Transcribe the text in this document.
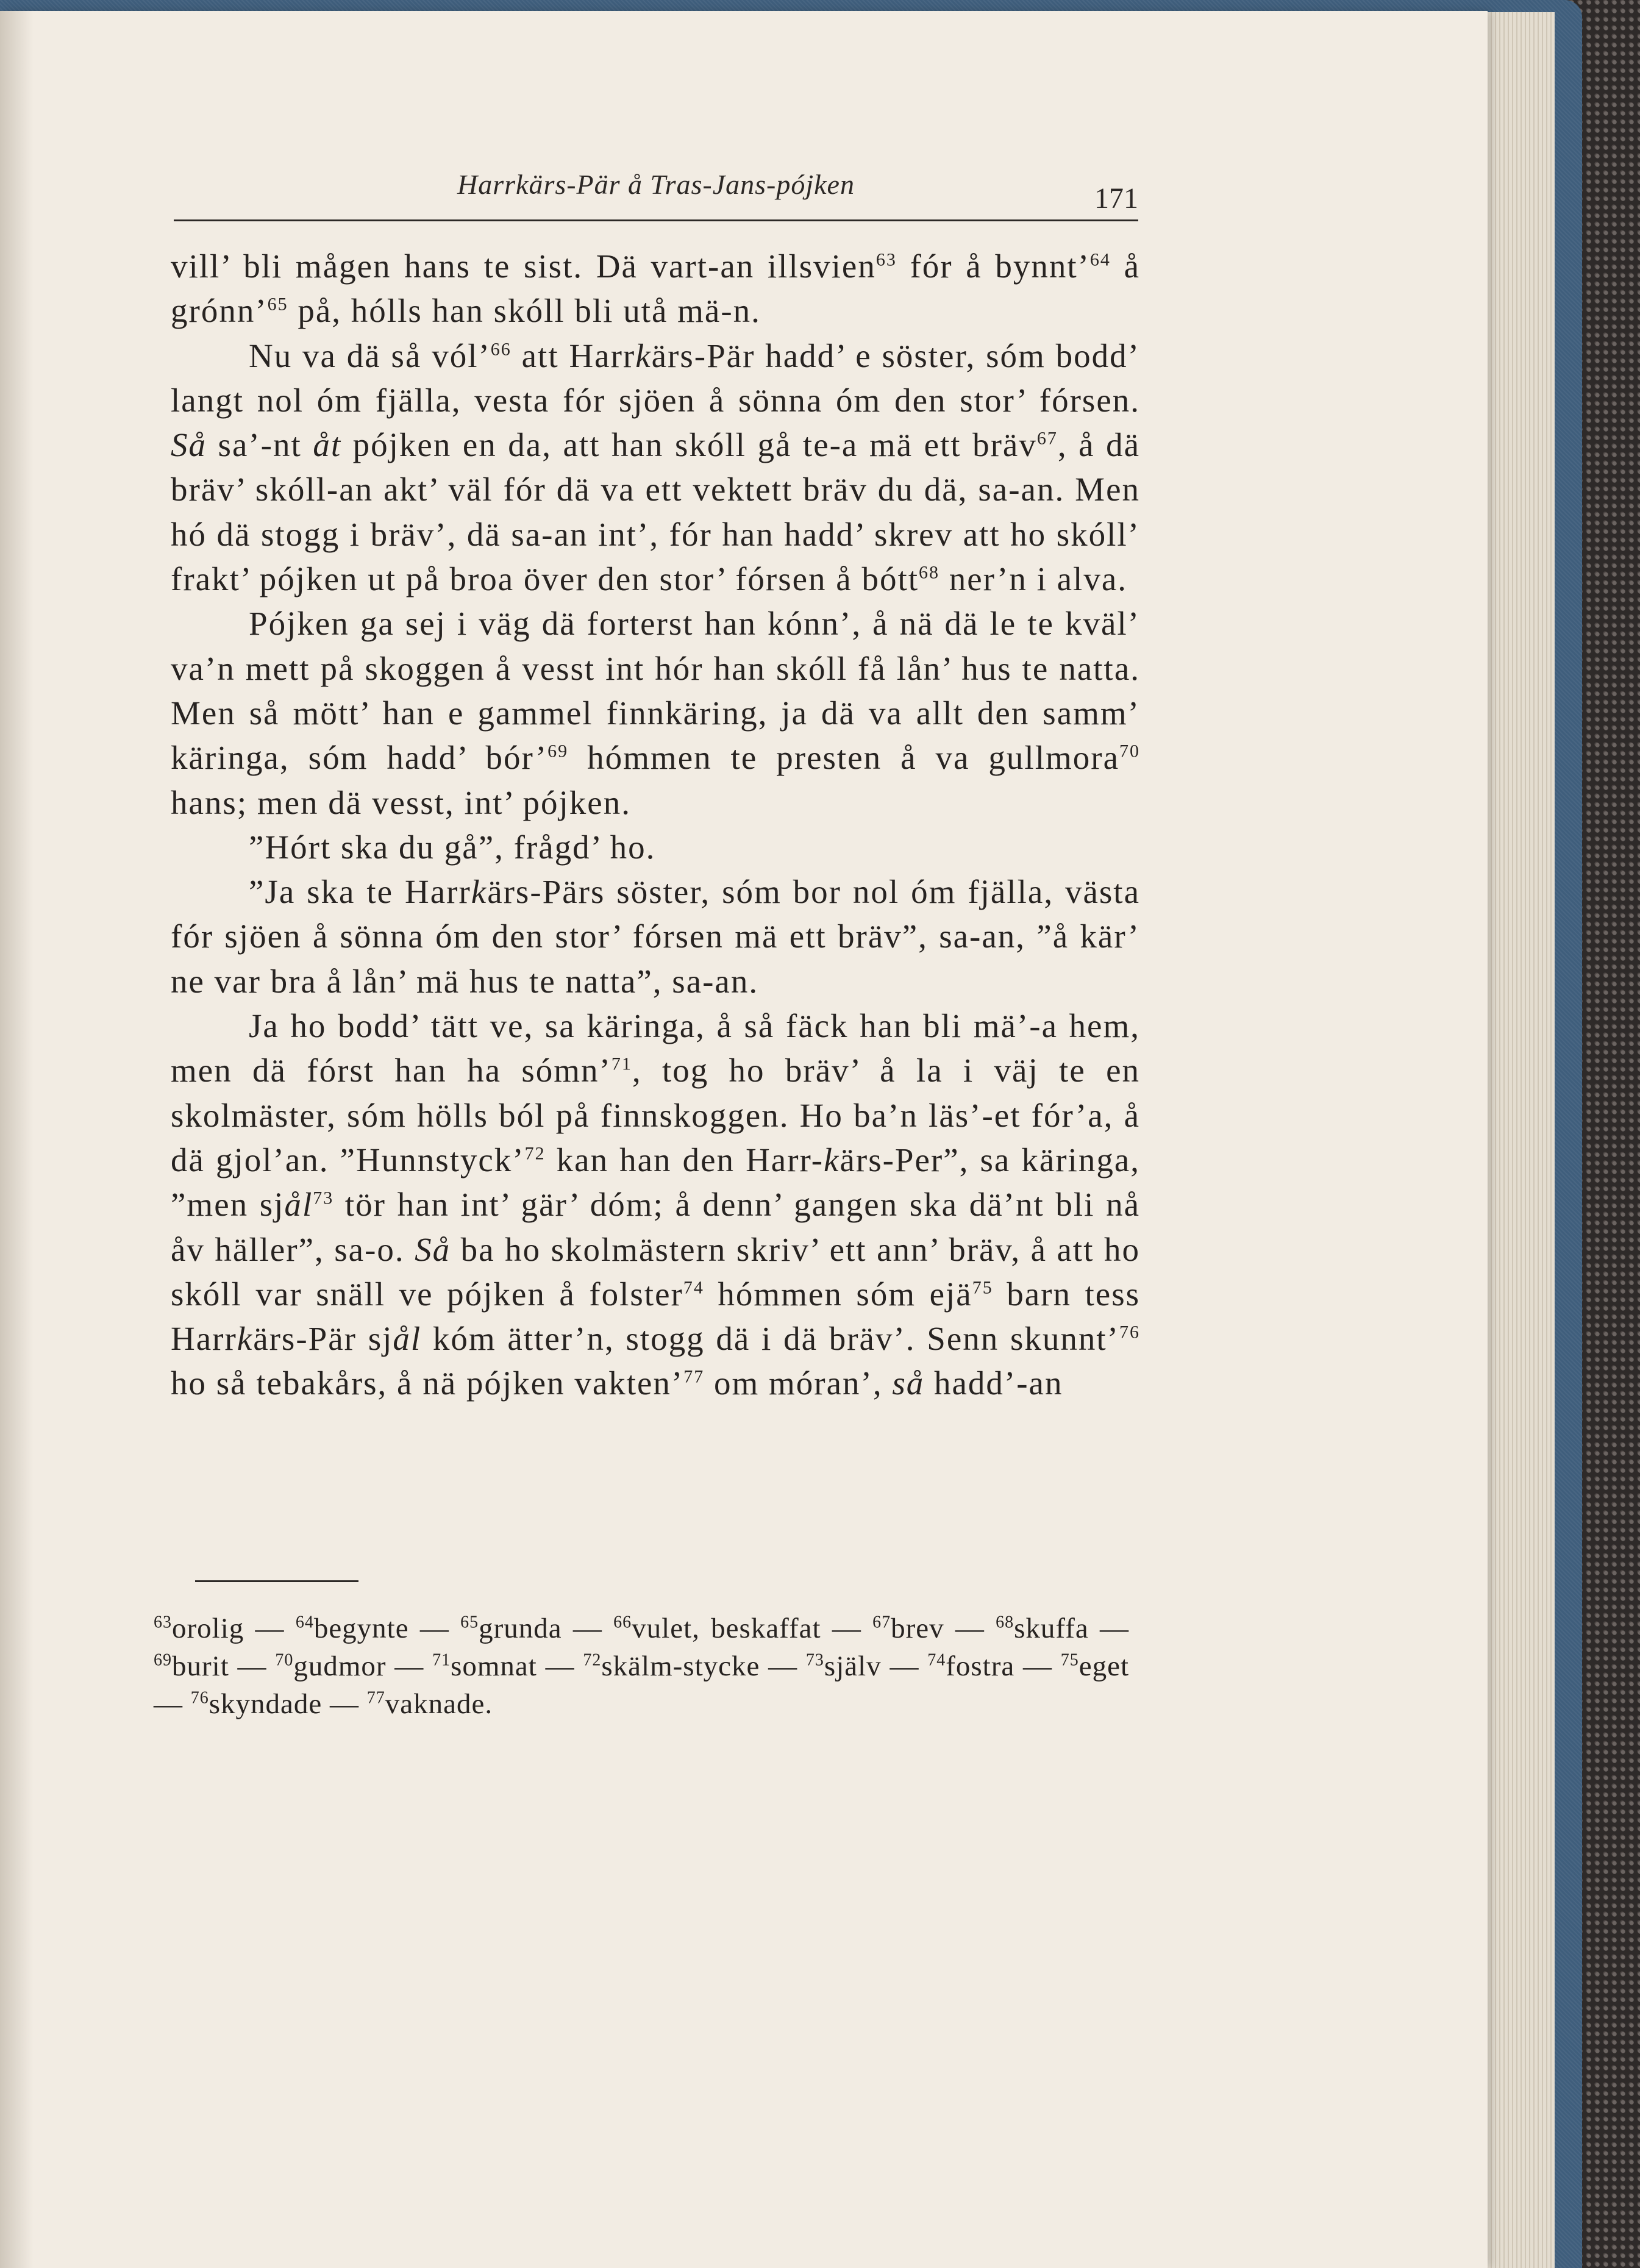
Harrkärs-Pär å Tras-Jans-pójken	171

vill’ bli mågen hans te sist. Dä vart-an illsvien$^{63}$ fór å bynnt’$^{64}$ å grónn’$^{65}$ på, hólls han skóll bli utå mä-n.

Nu va dä så vól’$^{66}$ att Harrkärs-Pär hadd’ e söster, sóm bodd’ langt nol óm fjälla, vesta fór sjöen å sönna óm den stor’ fórsen. Så sa’-nt åt pójken en da, att han skóll gå te-a mä ett bräv$^{67}$, å dä bräv’ skóll-an akt’ väl fór dä va ett vektett bräv du dä, sa-an. Men hó dä stogg i bräv’, dä sa-an int’, fór han hadd’ skrev att ho skóll’ frakt’ pójken ut på broa över den stor’ fórsen å bótt$^{68}$ ner’n i alva.

Pójken ga sej i väg dä forterst han kónn’, å nä dä le te kväl’ va’n mett på skoggen å vesst int hór han skóll få lån’ hus te natta. Men så mött’ han e gammel finnkäring, ja dä va allt den samm’ käringa, sóm hadd’ bór’$^{69}$ hómmen te presten å va gullmora$^{70}$ hans; men dä vesst, int’ pójken.

”Hórt ska du gå”, frågd’ ho.

”Ja ska te Harrkärs-Pärs söster, sóm bor nol óm fjälla, västa fór sjöen å sönna óm den stor’ fórsen mä ett bräv”, sa-an, ”å kär’ ne var bra å lån’ mä hus te natta”, sa-an.

Ja ho bodd’ tätt ve, sa käringa, å så fäck han bli mä’-a hem, men dä fórst han ha sómn’$^{71}$, tog ho bräv’ å la i väj te en skolmäster, sóm hölls ból på finnskoggen. Ho ba’n läs’-et fór’a, å dä gjol’an. ”Hunnstyck’$^{72}$ kan han den Harr-kärs-Per”, sa käringa, ”men sjål$^{73}$ tör han int’ gär’ dóm; å denn’ gangen ska dä’nt bli nå åv häller”, sa-o. Så ba ho skolmästern skriv’ ett ann’ bräv, å att ho skóll var snäll ve pójken å folster$^{74}$ hómmen sóm ejä$^{75}$ barn tess Harrkärs-Pär sjål kóm ätter’n, stogg dä i dä bräv’. Senn skunnt’$^{76}$ ho så tebakårs, å nä pójken vakten’$^{77}$ om móran’, så hadd’-an

$^{63}$orolig — $^{64}$begynte — $^{65}$grunda — $^{66}$vulet, beskaffat — $^{67}$brev — $^{68}$skuffa — $^{69}$burit — $^{70}$gudmor — $^{71}$somnat — $^{72}$skälm-stycke — $^{73}$själv — $^{74}$fostra — $^{75}$eget — $^{76}$skyndade — $^{77}$vaknade.
